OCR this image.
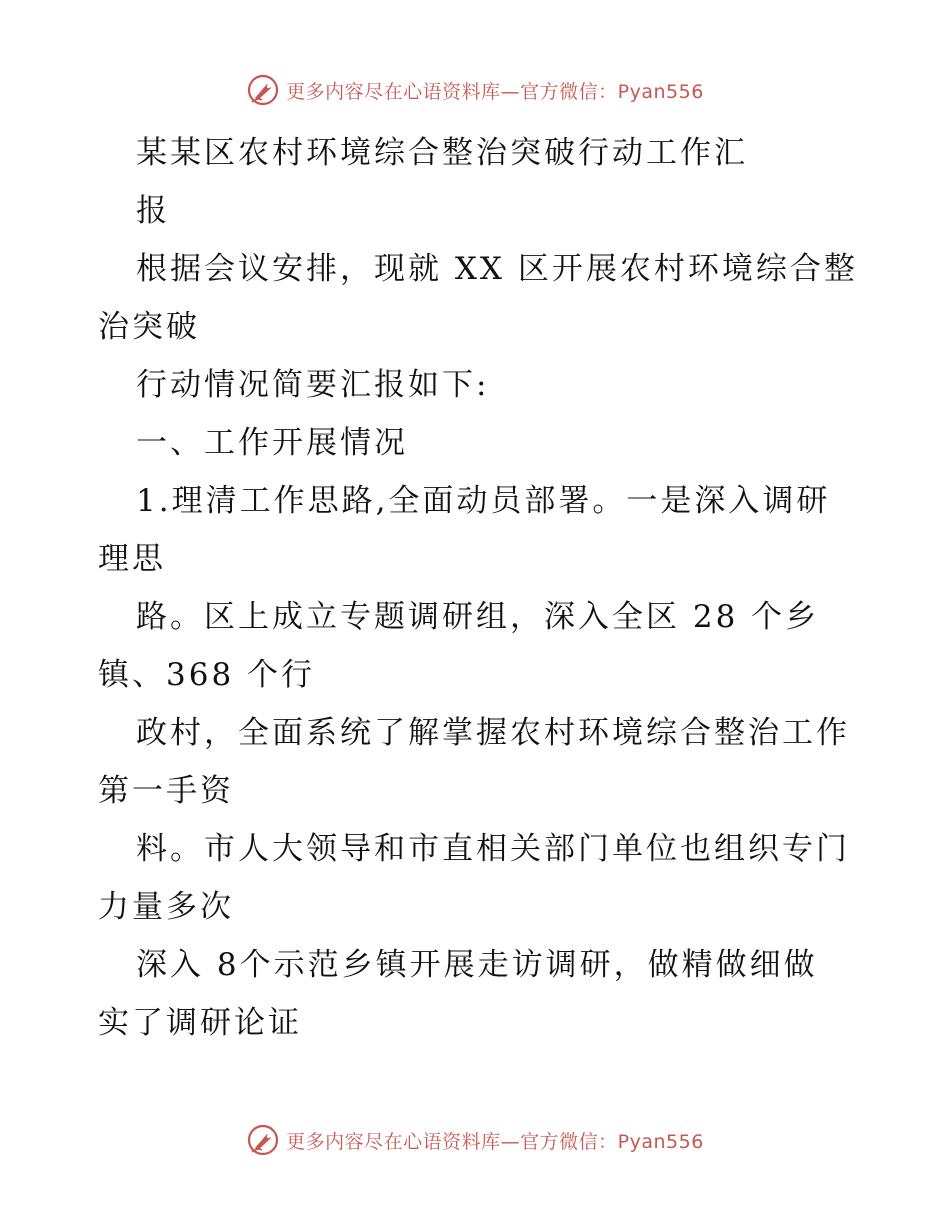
更多内容尽在心语资料库—官方微信：Pyan556
某某区农村环境综合整治突破行动工作汇
报
根据会议安排，现就 XX 区开展农村环境综合整
治突破
行动情况简要汇报如下:
一、工作开展情况
1.理清工作思路,全面动员部署。一是深入调研
理思
路。区上成立专题调研组，深入全区 28 个乡
镇、368 个行
政村，全面系统了解掌握农村环境综合整治工作
第一手资
料。市人大领导和市直相关部门单位也组织专门
力量多次
深入 8个示范乡镇开展走访调研，做精做细做
实了调研论证
更多内容尽在心语资料库—官方微信：Pyan556
